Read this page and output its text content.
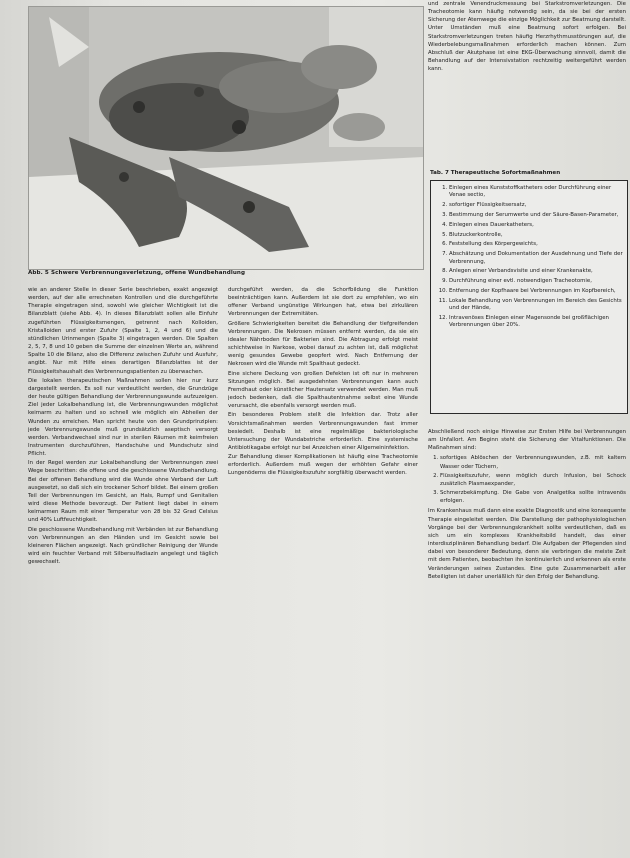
Abb. 5 Schwere Verbrennungsverletzung, offene Wundbehandlung

wie an anderer Stelle in dieser Serie beschrieben, exakt angezeigt werden, auf der alle errechneten Kontrollen und die durchgeführte Therapie eingetragen sind, sowohl wie gleicher Wichtigkeit ist die Bilanzblatt (siehe Abb. 4). In dieses Bilanzblatt sollen alle Einfuhr zugeführten Flüssigkeitsmengen, getrennt nach Kolloiden, Kristalloiden und erster Zufuhr (Spalte 1, 2, 4 und 6) und die stündlichen Urinmengen (Spalte 3) eingetragen werden. Die Spalten 2, 5, 7, 8 und 10 geben die Summe der einzelnen Werte an, während Spalte 10 die Bilanz, also die Differenz zwischen Zufuhr und Ausfuhr, angibt. Nur mit Hilfe eines derartigen Bilanzblattes ist der Flüssigkeitshaushalt des Verbrennungspatienten zu überwachen.

Die lokalen therapeutischen Maßnahmen sollen hier nur kurz dargestellt werden. Es soll nur verdeutlicht werden, die Grundzüge der heute gültigen Behandlung der Verbrennungswunde aufzuzeigen. Ziel jeder Lokalbehandlung ist, die Verbrennungswunden möglichst keimarm zu halten und so schnell wie möglich ein Abheilen der Wunden zu erreichen. Man spricht heute von den Grundprinzipien: jede Verbrennungswunde muß grundsätzlich aseptisch versorgt werden. Verbandwechsel sind nur in sterilen Räumen mit keimfreien Instrumenten durchzuführen, Handschuhe und Mundschutz sind Pflicht.

In der Regel werden zur Lokalbehandlung der Verbrennungen zwei Wege beschritten: die offene und die geschlossene Wundbehandlung. Bei der offenen Behandlung wird die Wunde ohne Verband der Luft ausgesetzt, so daß sich ein trockener Schorf bildet. Bei einem großen Teil der Verbrennungen im Gesicht, an Hals, Rumpf und Genitalien wird diese Methode bevorzugt. Der Patient liegt dabei in einem keimarmen Raum mit einer Temperatur von 28 bis 32 Grad Celsius und 40% Luftfeuchtigkeit.

Die geschlossene Wundbehandlung mit Verbänden ist zur Behandlung von Verbrennungen an den Händen und im Gesicht sowie bei kleineren Flächen angezeigt. Nach gründlicher Reinigung der Wunde wird ein feuchter Verband mit Silbersulfadiazin angelegt und täglich gewechselt.

durchgeführt werden, da die Schorfbildung die Funktion beeinträchtigen kann. Außerdem ist sie dort zu empfehlen, wo ein offener Verband ungünstige Wirkungen hat, etwa bei zirkulären Verbrennungen der Extremitäten.

Größere Schwierigkeiten bereitet die Behandlung der tiefgreifenden Verbrennungen. Die Nekrosen müssen entfernt werden, da sie ein idealer Nährboden für Bakterien sind. Die Abtragung erfolgt meist schichtweise in Narkose, wobei darauf zu achten ist, daß möglichst wenig gesundes Gewebe geopfert wird. Nach Entfernung der Nekrosen wird die Wunde mit Spalthaut gedeckt.

Eine sichere Deckung von großen Defekten ist oft nur in mehreren Sitzungen möglich. Bei ausgedehnten Verbrennungen kann auch Fremdhaut oder künstlicher Hautersatz verwendet werden. Man muß jedoch bedenken, daß die Spalthautentnahme selbst eine Wunde verursacht, die ebenfalls versorgt werden muß.

Ein besonderes Problem stellt die Infektion dar. Trotz aller Vorsichtsmaßnahmen werden Verbrennungswunden fast immer besiedelt. Deshalb ist eine regelmäßige bakteriologische Untersuchung der Wundabstriche erforderlich. Eine systemische Antibiotikagabe erfolgt nur bei Anzeichen einer Allgemeininfektion.

Zur Behandlung dieser Komplikationen ist häufig eine Tracheotomie erforderlich. Außerdem muß wegen der erhöhten Gefahr einer Lungenödems die Flüssigkeitszufuhr sorgfältig überwacht werden.

und zentrale Venendruckmessung bei Starkstromverletzungen. Die Tracheotomie kann häufig notwendig sein, da sie bei der ersten Sicherung der Atemwege die einzige Möglichkeit zur Beatmung darstellt. Unter Umständen muß eine Beatmung sofort erfolgen. Bei Starkstromverletzungen treten häufig Herzrhythmusstörungen auf, die Wiederbelebungsmaßnahmen erforderlich machen können. Zum Abschluß der Akutphase ist eine EKG-Überwachung sinnvoll, damit die Behandlung auf der Intensivstation rechtzeitig weitergeführt werden kann.

Tab. 7 Therapeutische Sofortmaßnahmen
1. Einlegen eines Kunststoffkatheters oder Durchführung einer Venae sectio,
2. sofortiger Flüssigkeitsersatz,
3. Bestimmung der Serumwerte und der Säure-Basen-Parameter,
4. Einlegen eines Dauerkatheters,
5. Blutzuckerkontrolle,
6. Feststellung des Körpergewichts,
7. Abschätzung und Dokumentation der Ausdehnung und Tiefe der Verbrennung,
8. Anlegen einer Verbandsvisite und einer Krankenakte,
9. Durchführung einer evtl. notwendigen Tracheotomie,
10. Entfernung der Kopfhaare bei Verbrennungen im Kopfbereich,
11. Lokale Behandlung von Verbrennungen im Bereich des Gesichts und der Hände,
12. Intravenöses Einlegen einer Magensonde bei großflächigen Verbrennungen über 20%.

Abschließend noch einige Hinweise zur Ersten Hilfe bei Verbrennungen am Unfallort. Am Beginn steht die Sicherung der Vitalfunktionen. Die Maßnahmen sind:

1. sofortiges Ablöschen der Verbrennungswunden, z.B. mit kaltem Wasser oder Tüchern,
2. Flüssigkeitszufuhr, wenn möglich durch Infusion, bei Schock zusätzlich Plasmaexpander,
3. Schmerzbekämpfung. Die Gabe von Analgetika sollte intravenös erfolgen.

Im Krankenhaus muß dann eine exakte Diagnostik und eine konsequente Therapie eingeleitet werden. Die Darstellung der pathophysiologischen Vorgänge bei der Verbrennungskrankheit sollte verdeutlichen, daß es sich um ein komplexes Krankheitsbild handelt, das einer interdisziplinären Behandlung bedarf. Die Aufgaben der Pflegenden sind dabei von besonderer Bedeutung, denn sie verbringen die meiste Zeit mit dem Patienten, beobachten ihn kontinuierlich und erkennen als erste Veränderungen seines Zustandes. Eine gute Zusammenarbeit aller Beteiligten ist daher unerläßlich für den Erfolg der Behandlung.
